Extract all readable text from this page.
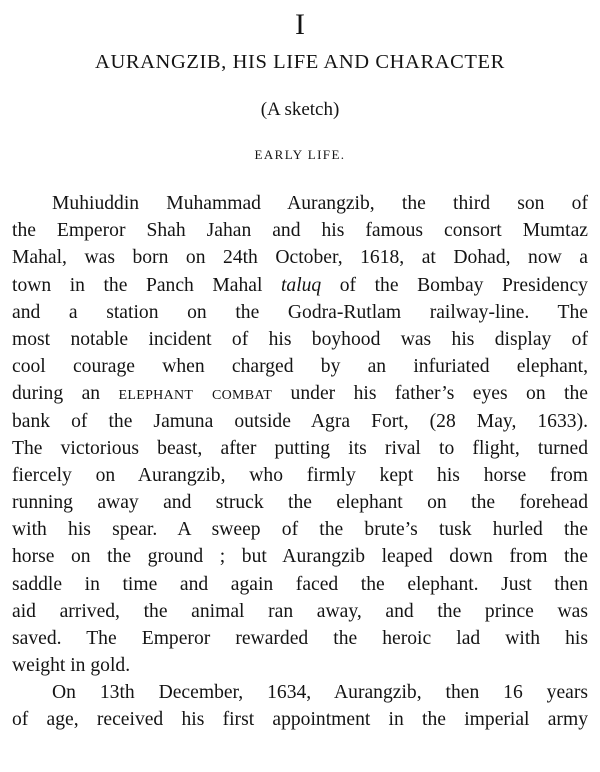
I
AURANGZIB, HIS LIFE AND CHARACTER
(A sketch)
EARLY LIFE.
Muhiuddin Muhammad Aurangzib, the third son of
the Emperor Shah Jahan and his famous consort Mumtaz
Mahal, was born on 24th October, 1618, at Dohad, now a
town in the Panch Mahal taluq of the Bombay Presidency
and a station on the Godra-Rutlam railway-line. The
most notable incident of his boyhood was his display of
cool courage when charged by an infuriated elephant,
during an elephant combat under his father’s eyes on the
bank of the Jamuna outside Agra Fort, (28 May, 1633).
The victorious beast, after putting its rival to flight, turned
fiercely on Aurangzib, who firmly kept his horse from
running away and struck the elephant on the forehead
with his spear. A sweep of the brute’s tusk hurled the
horse on the ground ; but Aurangzib leaped down from the
saddle in time and again faced the elephant. Just then
aid arrived, the animal ran away, and the prince was
saved. The Emperor rewarded the heroic lad with his
weight in gold.
On 13th December, 1634, Aurangzib, then 16 years
of age, received his first appointment in the imperial army
